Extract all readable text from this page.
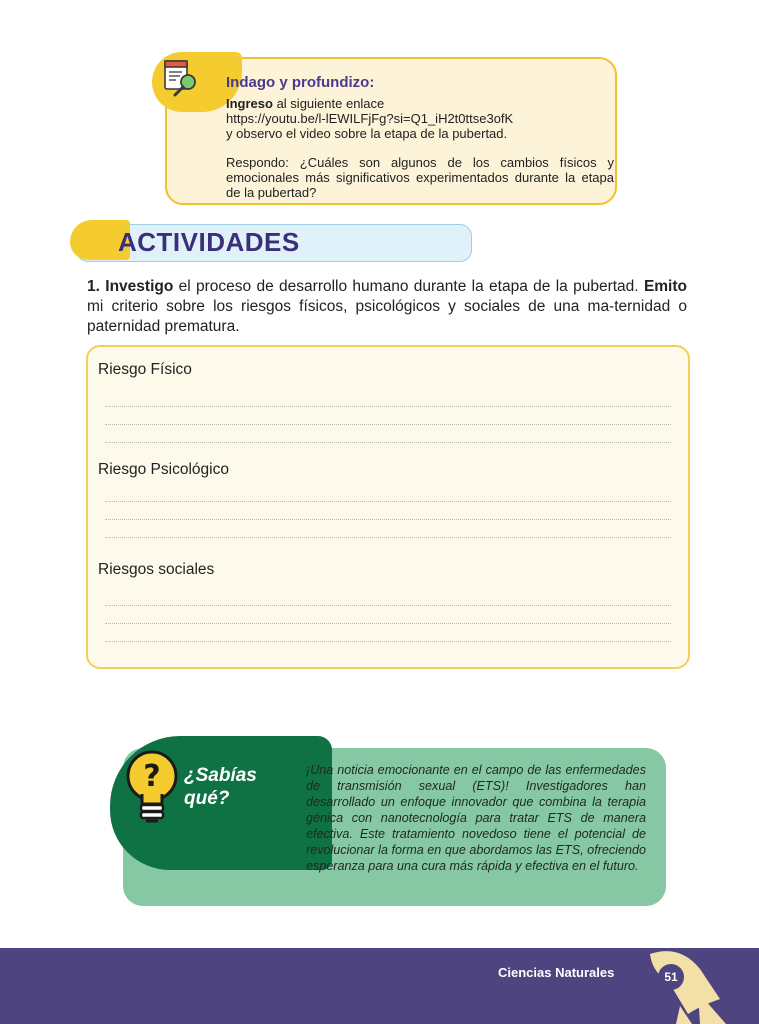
Indago y profundizo:

Ingreso al siguiente enlace

https://youtu.be/l-lEWILFjFg?si=Q1_iH2t0ttse3ofK

y observo el video sobre la etapa de la pubertad.

Respondo: ¿Cuáles son algunos de los cambios físicos y emocionales más significativos experimentados durante la etapa de la pubertad?

ACTIVIDADES
1. Investigo el proceso de desarrollo humano durante la etapa de la pubertad. Emito mi criterio sobre los riesgos físicos, psicológicos y sociales de una ma-ternidad o paternidad prematura.
Riesgo Físico
Riesgo Psicológico
Riesgos sociales
? ¿Sabías
qué?
¡Una noticia emocionante en el campo de las enfermedades de transmisión sexual (ETS)! Investigadores han desarrollado un enfoque innovador que combina la terapia génica con nanotecnología para tratar ETS de manera efectiva. Este tratamiento novedoso tiene el potencial de revolucionar la forma en que abordamos las ETS, ofreciendo esperanza para una cura más rápida y efectiva en el futuro.
Ciencias Naturales	51
